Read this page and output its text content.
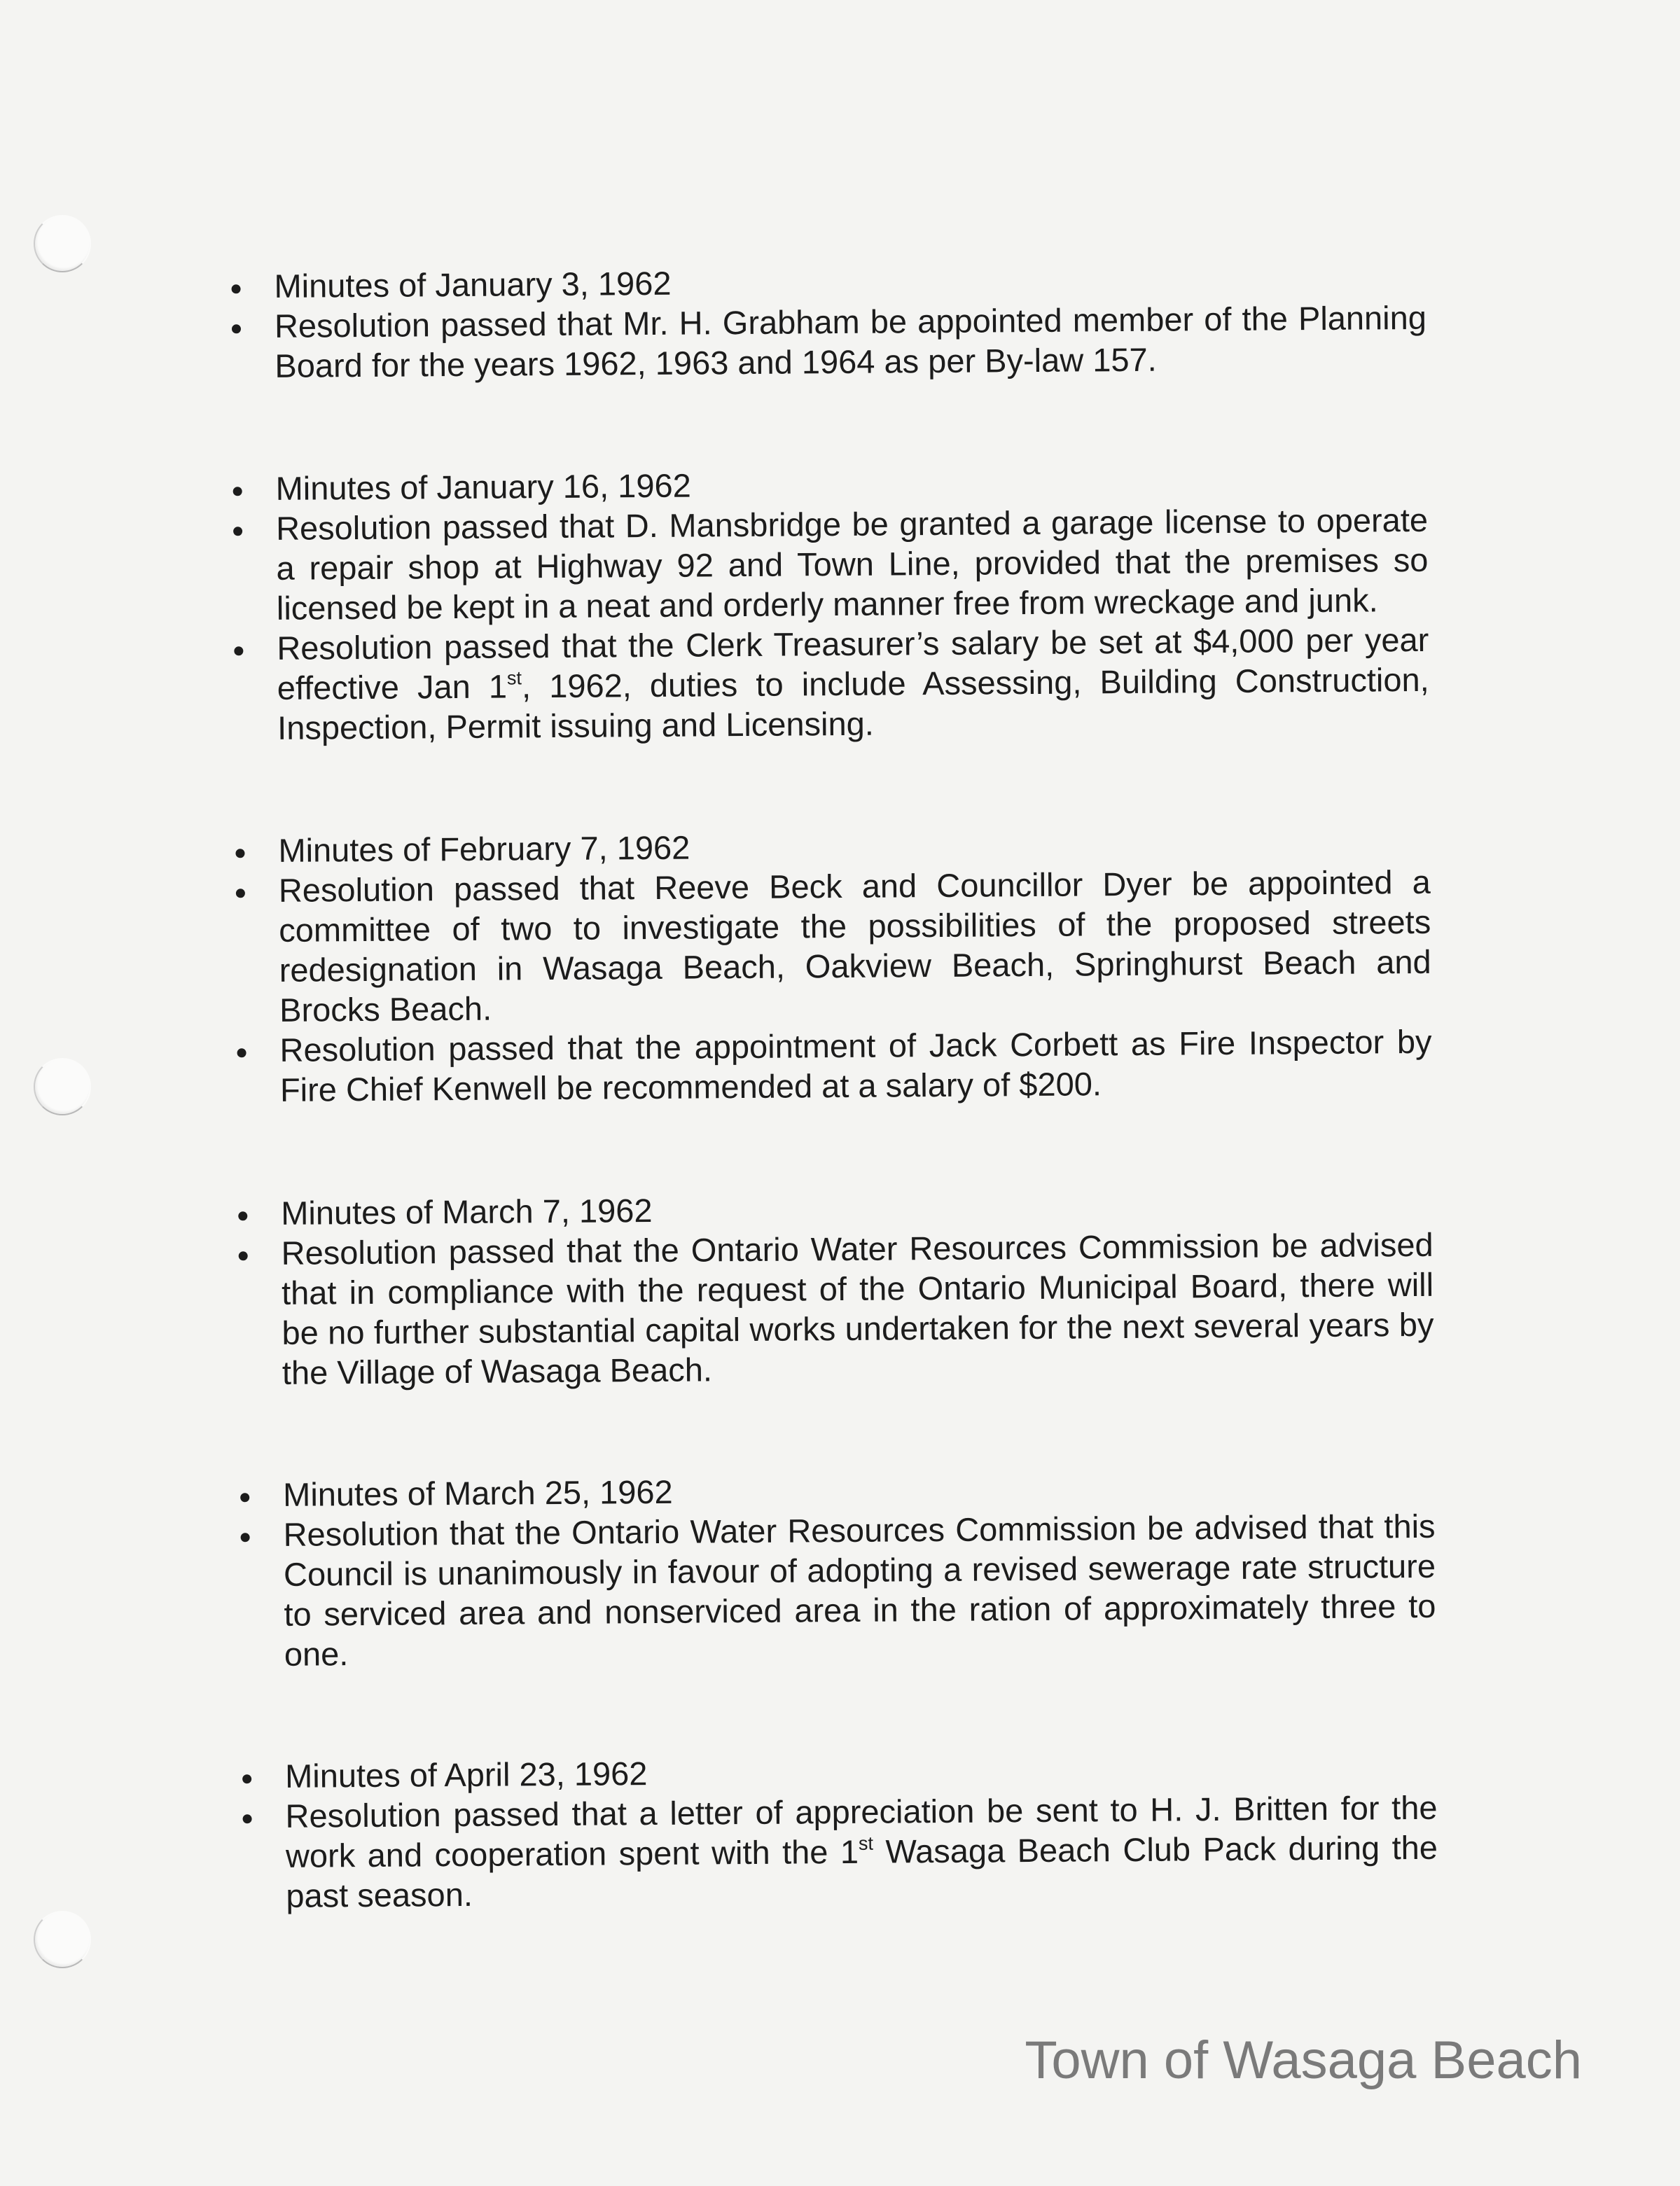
Minutes of January 3, 1962

Resolution passed that Mr. H. Grabham be appointed member of the Planning Board for the years 1962, 1963 and 1964 as per By-law 157.

Minutes of January 16, 1962

Resolution passed that D. Mansbridge be granted a garage license to operate a repair shop at Highway 92 and Town Line, provided that the premises so licensed be kept in a neat and orderly manner free from wreckage and junk.

Resolution passed that the Clerk Treasurer’s salary be set at $4,000 per year effective Jan 1st, 1962, duties to include Assessing, Building Construction, Inspection, Permit issuing and Licensing.

Minutes of February 7, 1962

Resolution passed that Reeve Beck and Councillor Dyer be appointed a committee of two to investigate the possibilities of the proposed streets redesignation in Wasaga Beach, Oakview Beach, Springhurst Beach and Brocks Beach.

Resolution passed that the appointment of Jack Corbett as Fire Inspector by Fire Chief Kenwell be recommended at a salary of $200.

Minutes of March 7, 1962

Resolution passed that the Ontario Water Resources Commission be advised that in compliance with the request of the Ontario Municipal Board, there will be no further substantial capital works undertaken for the next several years by the Village of Wasaga Beach.

Minutes of March 25, 1962

Resolution that the Ontario Water Resources Commission be advised that this Council is unanimously in favour of adopting a revised sewerage rate structure to serviced area and nonserviced area in the ration of approximately three to one.

Minutes of April 23, 1962

Resolution passed that a letter of appreciation be sent to H. J. Britten for the work and cooperation spent with the 1st Wasaga Beach Club Pack during the past season.

Town of Wasaga Beach
